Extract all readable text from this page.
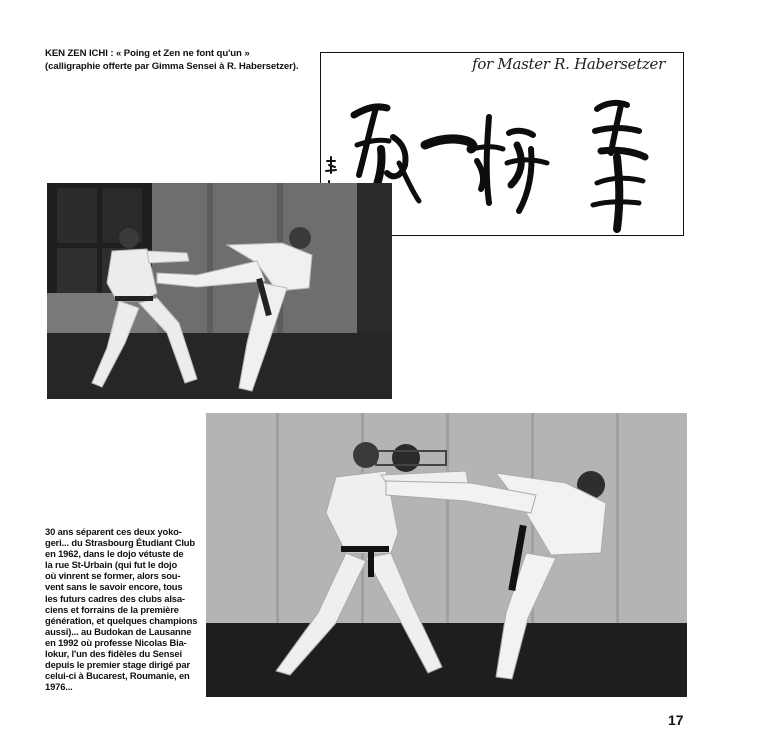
KEN ZEN ICHI : « Poing et Zen ne font qu'un » (calligraphie offerte par Gimma Sensei à R. Habersetzer).	for Master R. Habersetzer

30 ans séparent ces deux yoko-

geri... du Strasbourg Étudiant Club

en 1962, dans le dojo vétuste de

la rue St-Urbain (qui fut le dojo

où vinrent se former, alors sou-

vent sans le savoir encore, tous

les futurs cadres des clubs alsa-

ciens et forrains de la première

génération, et quelques champions

aussi)... au Budokan de Lausanne

en 1992 où professe Nicolas Bia-

lokur, l'un des fidèles du Sensei

depuis le premier stage dirigé par

celui-ci à Bucarest, Roumanie, en

1976...

17
